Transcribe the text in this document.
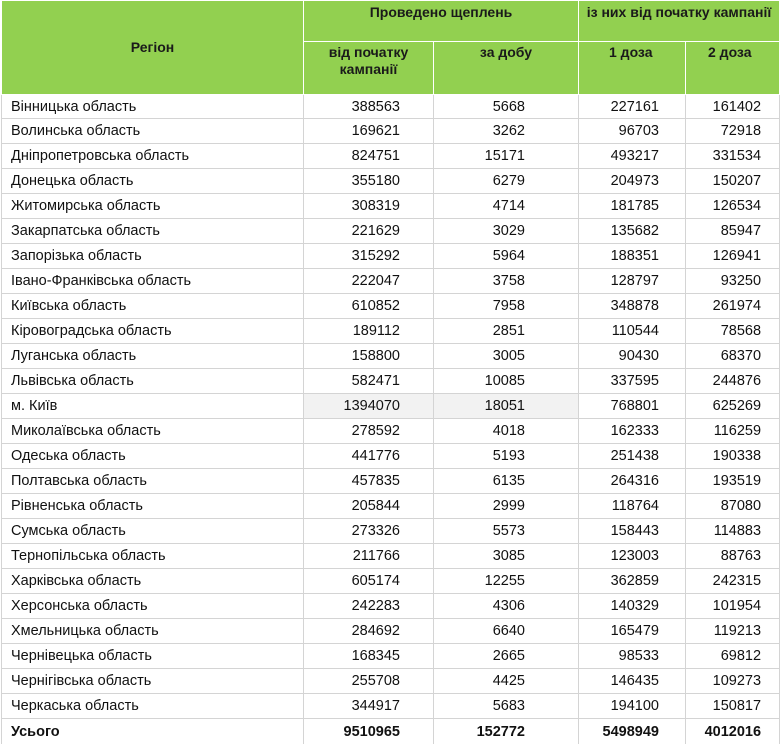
Регіон	Проведено щеплень		із них від початку кампанії	

	від початку кампанії	за добу	1 доза	2 доза

Вінницька область	388563	5668	227161	161402
Волинська область	169621	3262	96703	72918
Дніпропетровська область	824751	15171	493217	331534
Донецька область	355180	6279	204973	150207
Житомирська область	308319	4714	181785	126534
Закарпатська область	221629	3029	135682	85947
Запорізька область	315292	5964	188351	126941
Івано-Франківська область	222047	3758	128797	93250
Київська область	610852	7958	348878	261974
Кіровоградська область	189112	2851	110544	78568
Луганська область	158800	3005	90430	68370
Львівська область	582471	10085	337595	244876
м. Київ	1394070	18051	768801	625269
Миколаївська область	278592	4018	162333	116259
Одеська область	441776	5193	251438	190338
Полтавська область	457835	6135	264316	193519
Рівненська область	205844	2999	118764	87080
Сумська область	273326	5573	158443	114883
Тернопільська область	211766	3085	123003	88763
Харківська область	605174	12255	362859	242315
Херсонська область	242283	4306	140329	101954
Хмельницька область	284692	6640	165479	119213
Чернівецька область	168345	2665	98533	69812
Чернігівська область	255708	4425	146435	109273
Черкаська область	344917	5683	194100	150817
Усього	9510965	152772	5498949	4012016
